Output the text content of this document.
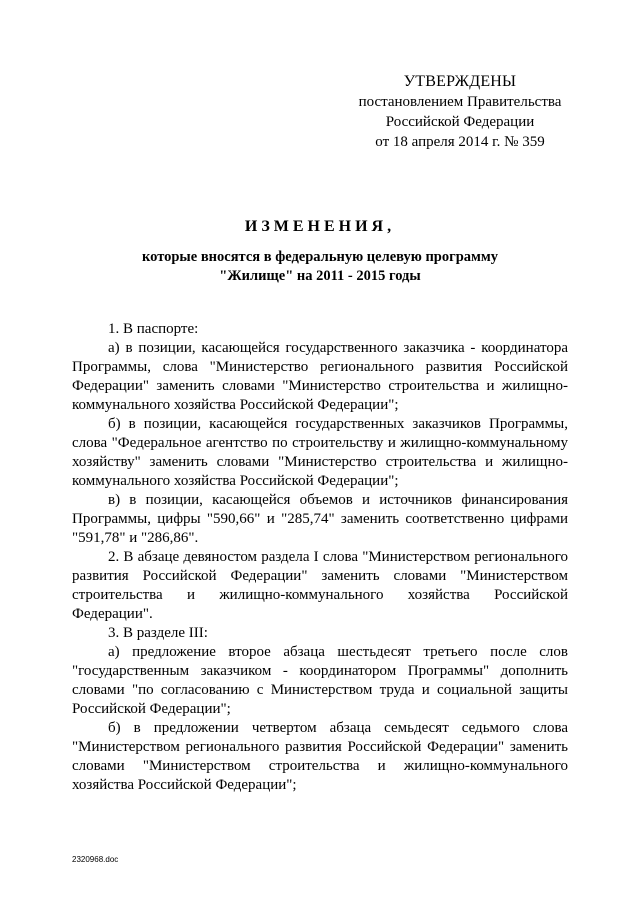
УТВЕРЖДЕНЫ
постановлением Правительства
Российской Федерации
от 18 апреля 2014 г. № 359
ИЗМЕНЕНИЯ,
которые вносятся в федеральную целевую программу
"Жилище" на 2011 - 2015 годы

1. В паспорте:

а) в позиции, касающейся государственного заказчика - координатора Программы, слова "Министерство регионального развития Российской Федерации" заменить словами "Министерство строительства и жилищно-коммунального хозяйства Российской Федерации";

б) в позиции, касающейся государственных заказчиков Программы, слова "Федеральное агентство по строительству и жилищно-коммунальному хозяйству" заменить словами "Министерство строительства и жилищно-коммунального хозяйства Российской Федерации";

в) в позиции, касающейся объемов и источников финансирования Программы, цифры "590,66" и "285,74" заменить соответственно цифрами "591,78" и "286,86".

2. В абзаце девяностом раздела I слова "Министерством регионального развития Российской Федерации" заменить словами "Министерством строительства и жилищно-коммунального хозяйства Российской Федерации".

3. В разделе III:

а) предложение второе абзаца шестьдесят третьего после слов "государственным заказчиком - координатором Программы" дополнить словами "по согласованию с Министерством труда и социальной защиты Российской Федерации";

б) в предложении четвертом абзаца семьдесят седьмого слова "Министерством регионального развития Российской Федерации" заменить словами "Министерством строительства и жилищно-коммунального хозяйства Российской Федерации";

2320968.doc
